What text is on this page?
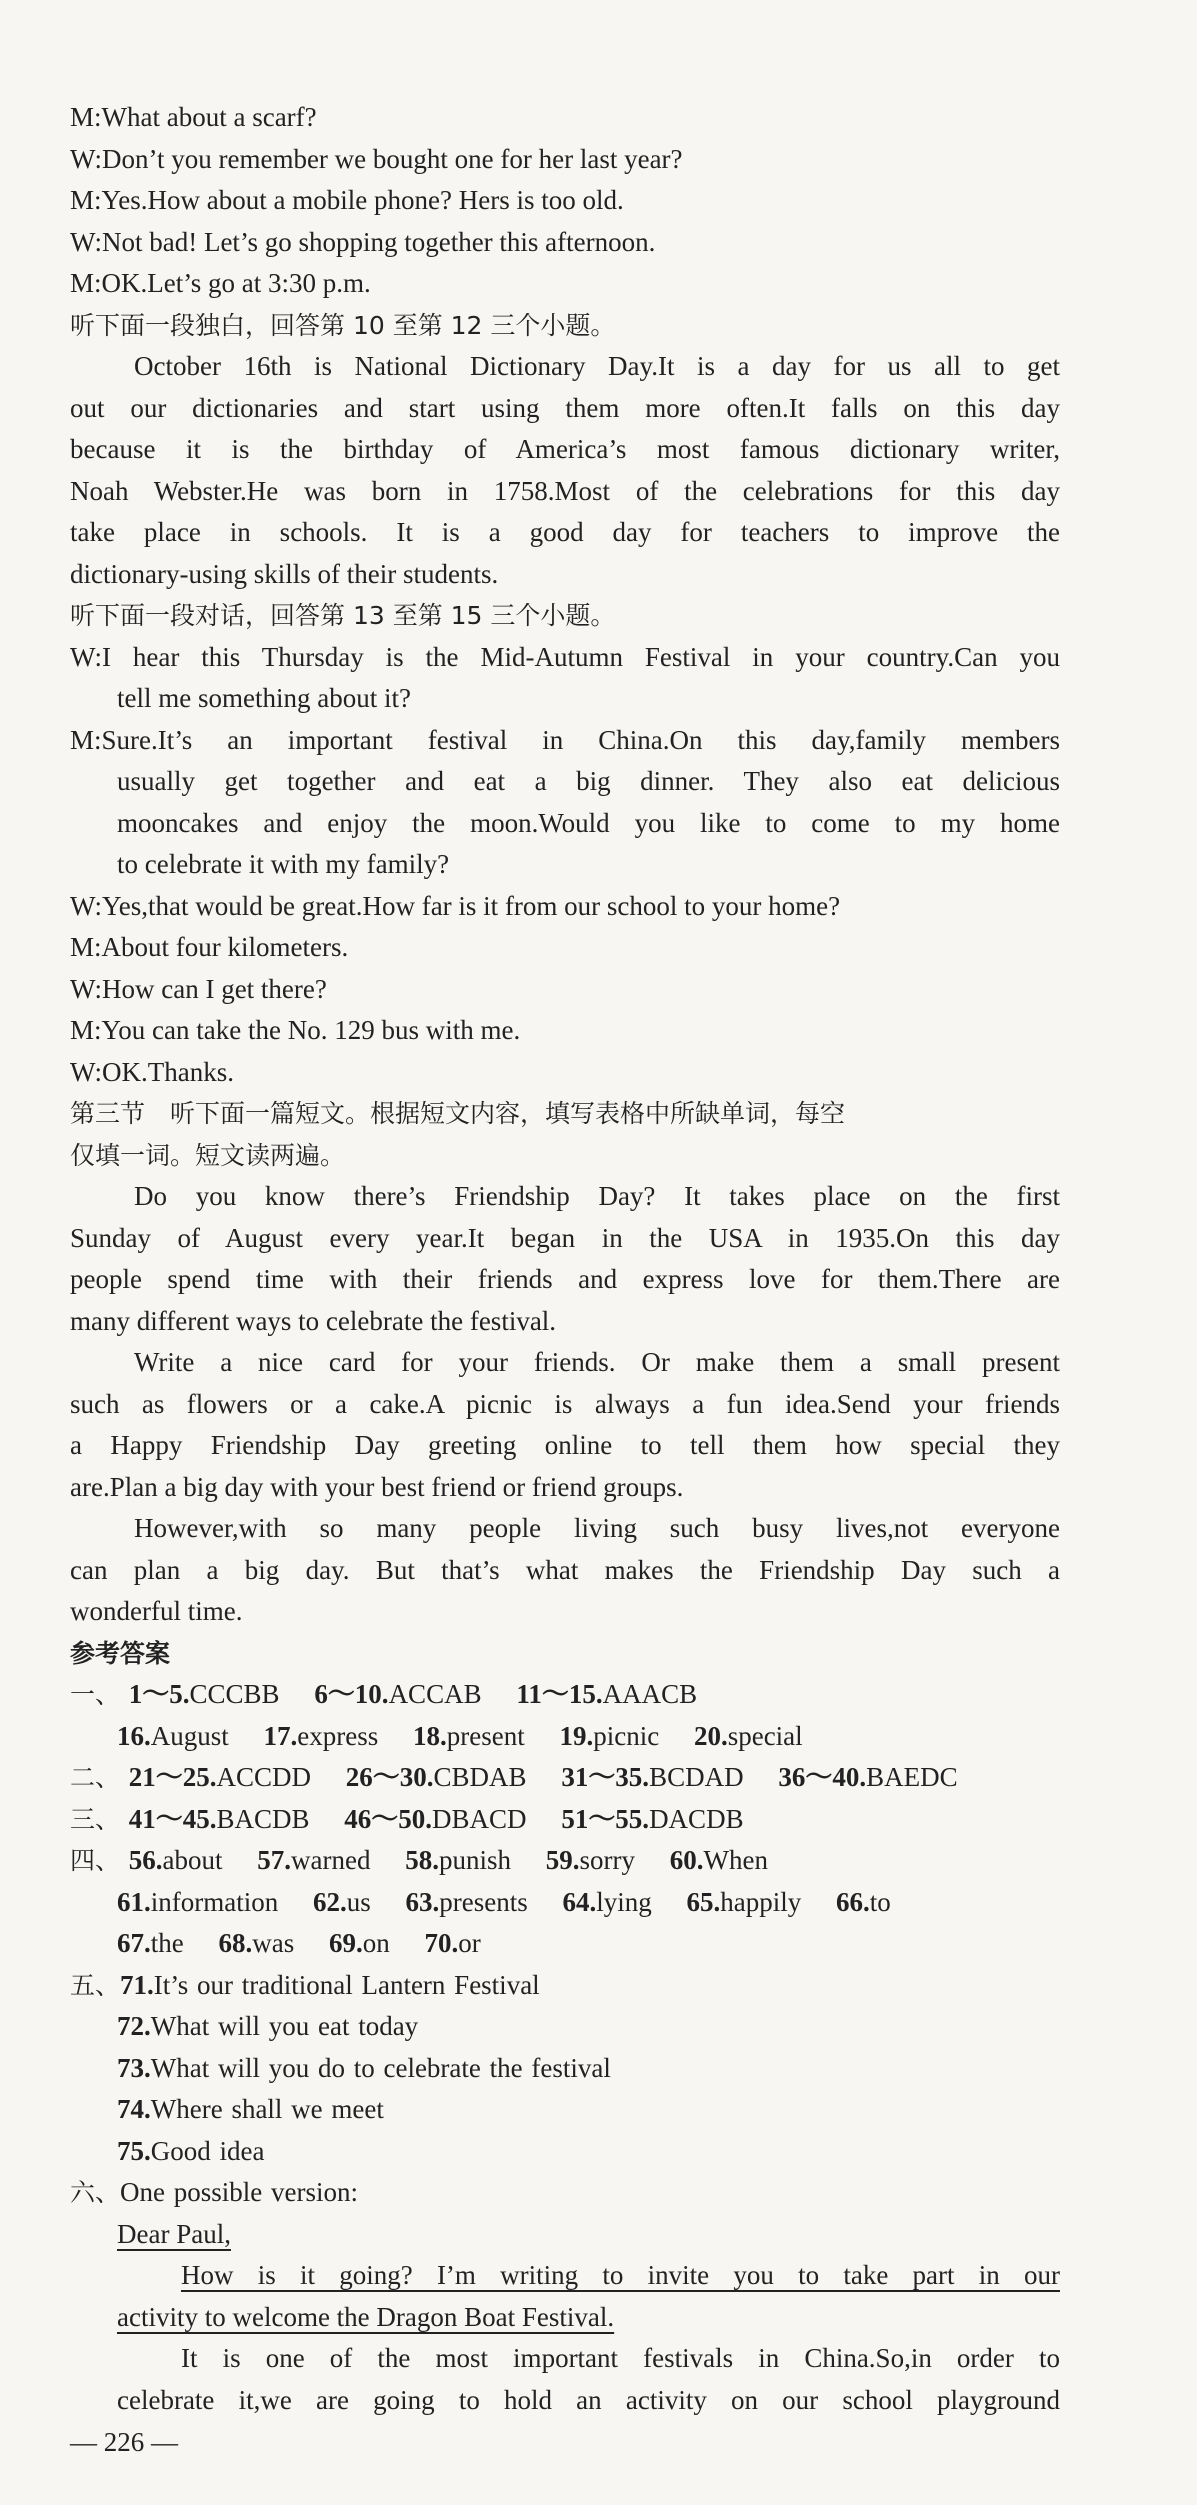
M:What about a scarf?
W:Don’t you remember we bought one for her last year?
M:Yes.How about a mobile phone? Hers is too old.
W:Not bad! Let’s go shopping together this afternoon.
M:OK.Let’s go at 3:30 p.m.
听下面一段独白，回答第 10 至第 12 三个小题。
October 16th is National Dictionary Day.It is a day for us all to get
out our dictionaries and start using them more often.It falls on this day
because it is the birthday of America’s most famous dictionary writer,
Noah Webster.He was born in 1758.Most of the celebrations for this day
take place in schools. It is a good day for teachers to improve the
dictionary-using skills of their students.
听下面一段对话，回答第 13 至第 15 三个小题。
W:I hear this Thursday is the Mid-Autumn Festival in your country.Can you
tell me something about it?
M:Sure.It’s an important festival in China.On this day,family members
usually get together and eat a big dinner. They also eat delicious
mooncakes and enjoy the moon.Would you like to come to my home
to celebrate it with my family?
W:Yes,that would be great.How far is it from our school to your home?
M:About four kilometers.
W:How can I get there?
M:You can take the No. 129 bus with me.
W:OK.Thanks.
第三节　听下面一篇短文。根据短文内容，填写表格中所缺单词，每空
仅填一词。短文读两遍。
Do you know there’s Friendship Day? It takes place on the first
Sunday of August every year.It began in the USA in 1935.On this day
people spend time with their friends and express love for them.There are
many different ways to celebrate the festival.
Write a nice card for your friends. Or make them a small present
such as flowers or a cake.A picnic is always a fun idea.Send your friends
a Happy Friendship Day greeting online to tell them how special they
are.Plan a big day with your best friend or friend groups.
However,with so many people living such busy lives,not everyone
can plan a big day. But that’s what makes the Friendship Day such a
wonderful time.
参考答案
一、 1～5.CCCBB 6～10.ACCAB 11～15.AAACB
16.August 17.express 18.present 19.picnic 20.special
二、 21～25.ACCDD 26～30.CBDAB 31～35.BCDAD 36～40.BAEDC
三、 41～45.BACDB 46～50.DBACD 51～55.DACDB
四、 56.about 57.warned 58.punish 59.sorry 60.When
61.information 62.us 63.presents 64.lying 65.happily 66.to
67.the 68.was 69.on 70.or
五、71.It’s our traditional Lantern Festival
72.What will you eat today
73.What will you do to celebrate the festival
74.Where shall we meet
75.Good idea
六、One possible version:
Dear Paul,
How is it going? I’m writing to invite you to take part in our
activity to welcome the Dragon Boat Festival.
It is one of the most important festivals in China.So,in order to
celebrate it,we are going to hold an activity on our school playground
— 226 —
